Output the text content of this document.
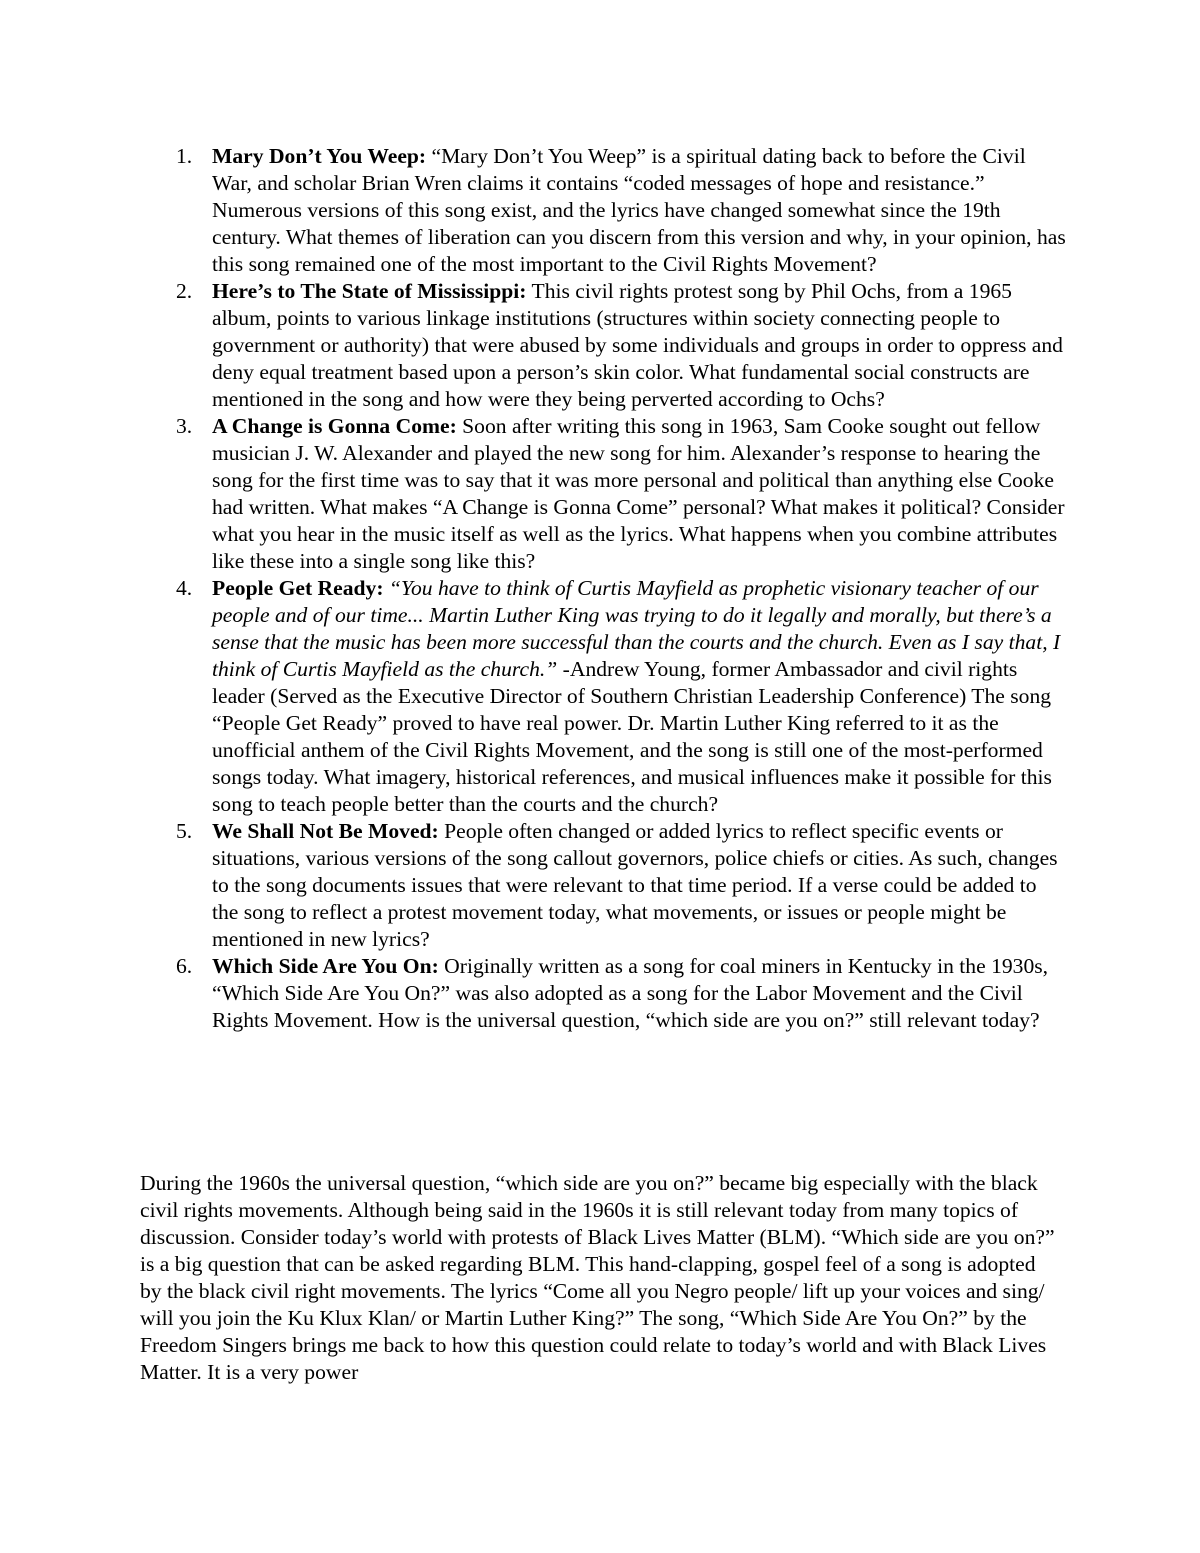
1. Mary Don’t You Weep: “Mary Don’t You Weep” is a spiritual dating back to before the Civil War, and scholar Brian Wren claims it contains “coded messages of hope and resistance.” Numerous versions of this song exist, and the lyrics have changed somewhat since the 19th century. What themes of liberation can you discern from this version and why, in your opinion, has this song remained one of the most important to the Civil Rights Movement?
2. Here’s to The State of Mississippi: This civil rights protest song by Phil Ochs, from a 1965 album, points to various linkage institutions (structures within society connecting people to government or authority) that were abused by some individuals and groups in order to oppress and deny equal treatment based upon a person’s skin color. What fundamental social constructs are mentioned in the song and how were they being perverted according to Ochs?
3. A Change is Gonna Come: Soon after writing this song in 1963, Sam Cooke sought out fellow musician J. W. Alexander and played the new song for him. Alexander’s response to hearing the song for the first time was to say that it was more personal and political than anything else Cooke had written. What makes “A Change is Gonna Come” personal? What makes it political? Consider what you hear in the music itself as well as the lyrics. What happens when you combine attributes like these into a single song like this?
4. People Get Ready: “You have to think of Curtis Mayfield as prophetic visionary teacher of our people and of our time... Martin Luther King was trying to do it legally and morally, but there’s a sense that the music has been more successful than the courts and the church. Even as I say that, I think of Curtis Mayfield as the church.” -Andrew Young, former Ambassador and civil rights leader (Served as the Executive Director of Southern Christian Leadership Conference) The song “People Get Ready” proved to have real power. Dr. Martin Luther King referred to it as the unofficial anthem of the Civil Rights Movement, and the song is still one of the most-performed songs today. What imagery, historical references, and musical influences make it possible for this song to teach people better than the courts and the church?
5. We Shall Not Be Moved: People often changed or added lyrics to reflect specific events or situations, various versions of the song callout governors, police chiefs or cities. As such, changes to the song documents issues that were relevant to that time period. If a verse could be added to the song to reflect a protest movement today, what movements, or issues or people might be mentioned in new lyrics?
6. Which Side Are You On: Originally written as a song for coal miners in Kentucky in the 1930s, “Which Side Are You On?” was also adopted as a song for the Labor Movement and the Civil Rights Movement. How is the universal question, “which side are you on?” still relevant today?

During the 1960s the universal question, “which side are you on?” became big especially with the black civil rights movements. Although being said in the 1960s it is still relevant today from many topics of discussion. Consider today’s world with protests of Black Lives Matter (BLM). “Which side are you on?” is a big question that can be asked regarding BLM. This hand-clapping, gospel feel of a song is adopted by the black civil right movements. The lyrics “Come all you Negro people/ lift up your voices and sing/ will you join the Ku Klux Klan/ or Martin Luther King?” The song, “Which Side Are You On?” by the Freedom Singers brings me back to how this question could relate to today’s world and with Black Lives Matter. It is a very power
